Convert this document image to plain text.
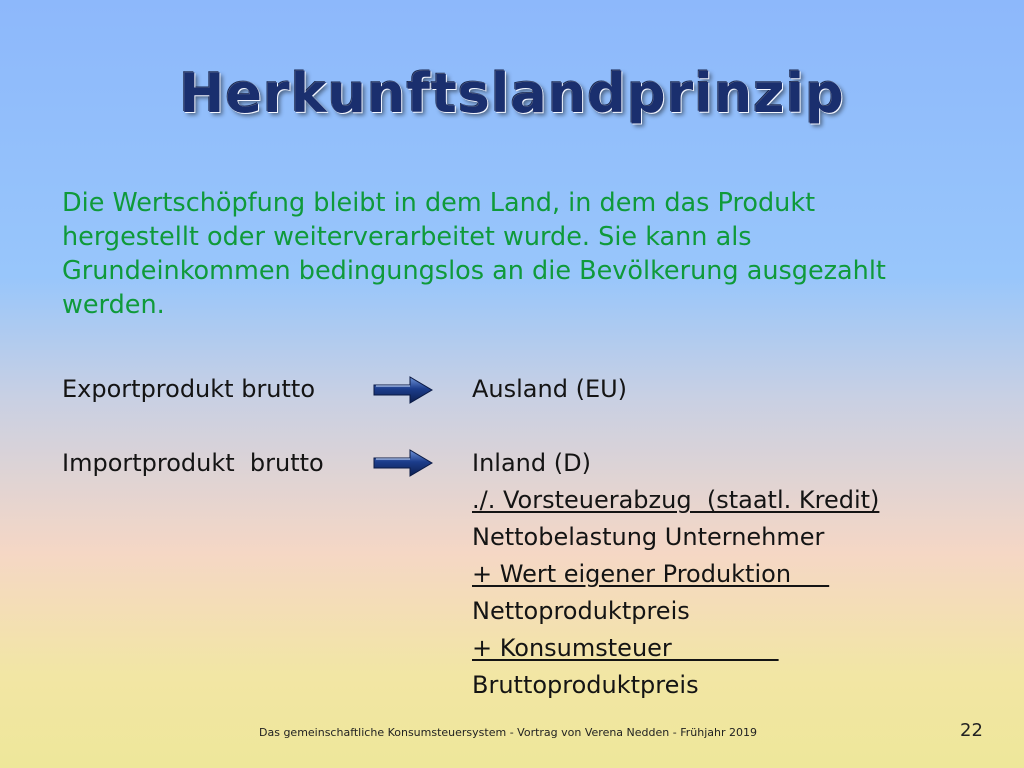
Herkunftslandprinzip
Die Wertschöpfung bleibt in dem Land, in dem das Produkt hergestellt oder weiterverarbeitet wurde. Sie kann als Grundeinkommen bedingungslos an die Bevölkerung ausgezahlt werden.
Exportprodukt brutto	Ausland (EU)
Importprodukt  brutto	Inland (D)
./. Vorsteuerabzug  (staatl. Kredit)
Nettobelastung Unternehmer
+ Wert eigener Produktion
Nettoproduktpreis
+ Konsumsteuer
Bruttoproduktpreis
Das gemeinschaftliche Konsumsteuersystem - Vortrag von Verena Nedden - Frühjahr 2019	22
